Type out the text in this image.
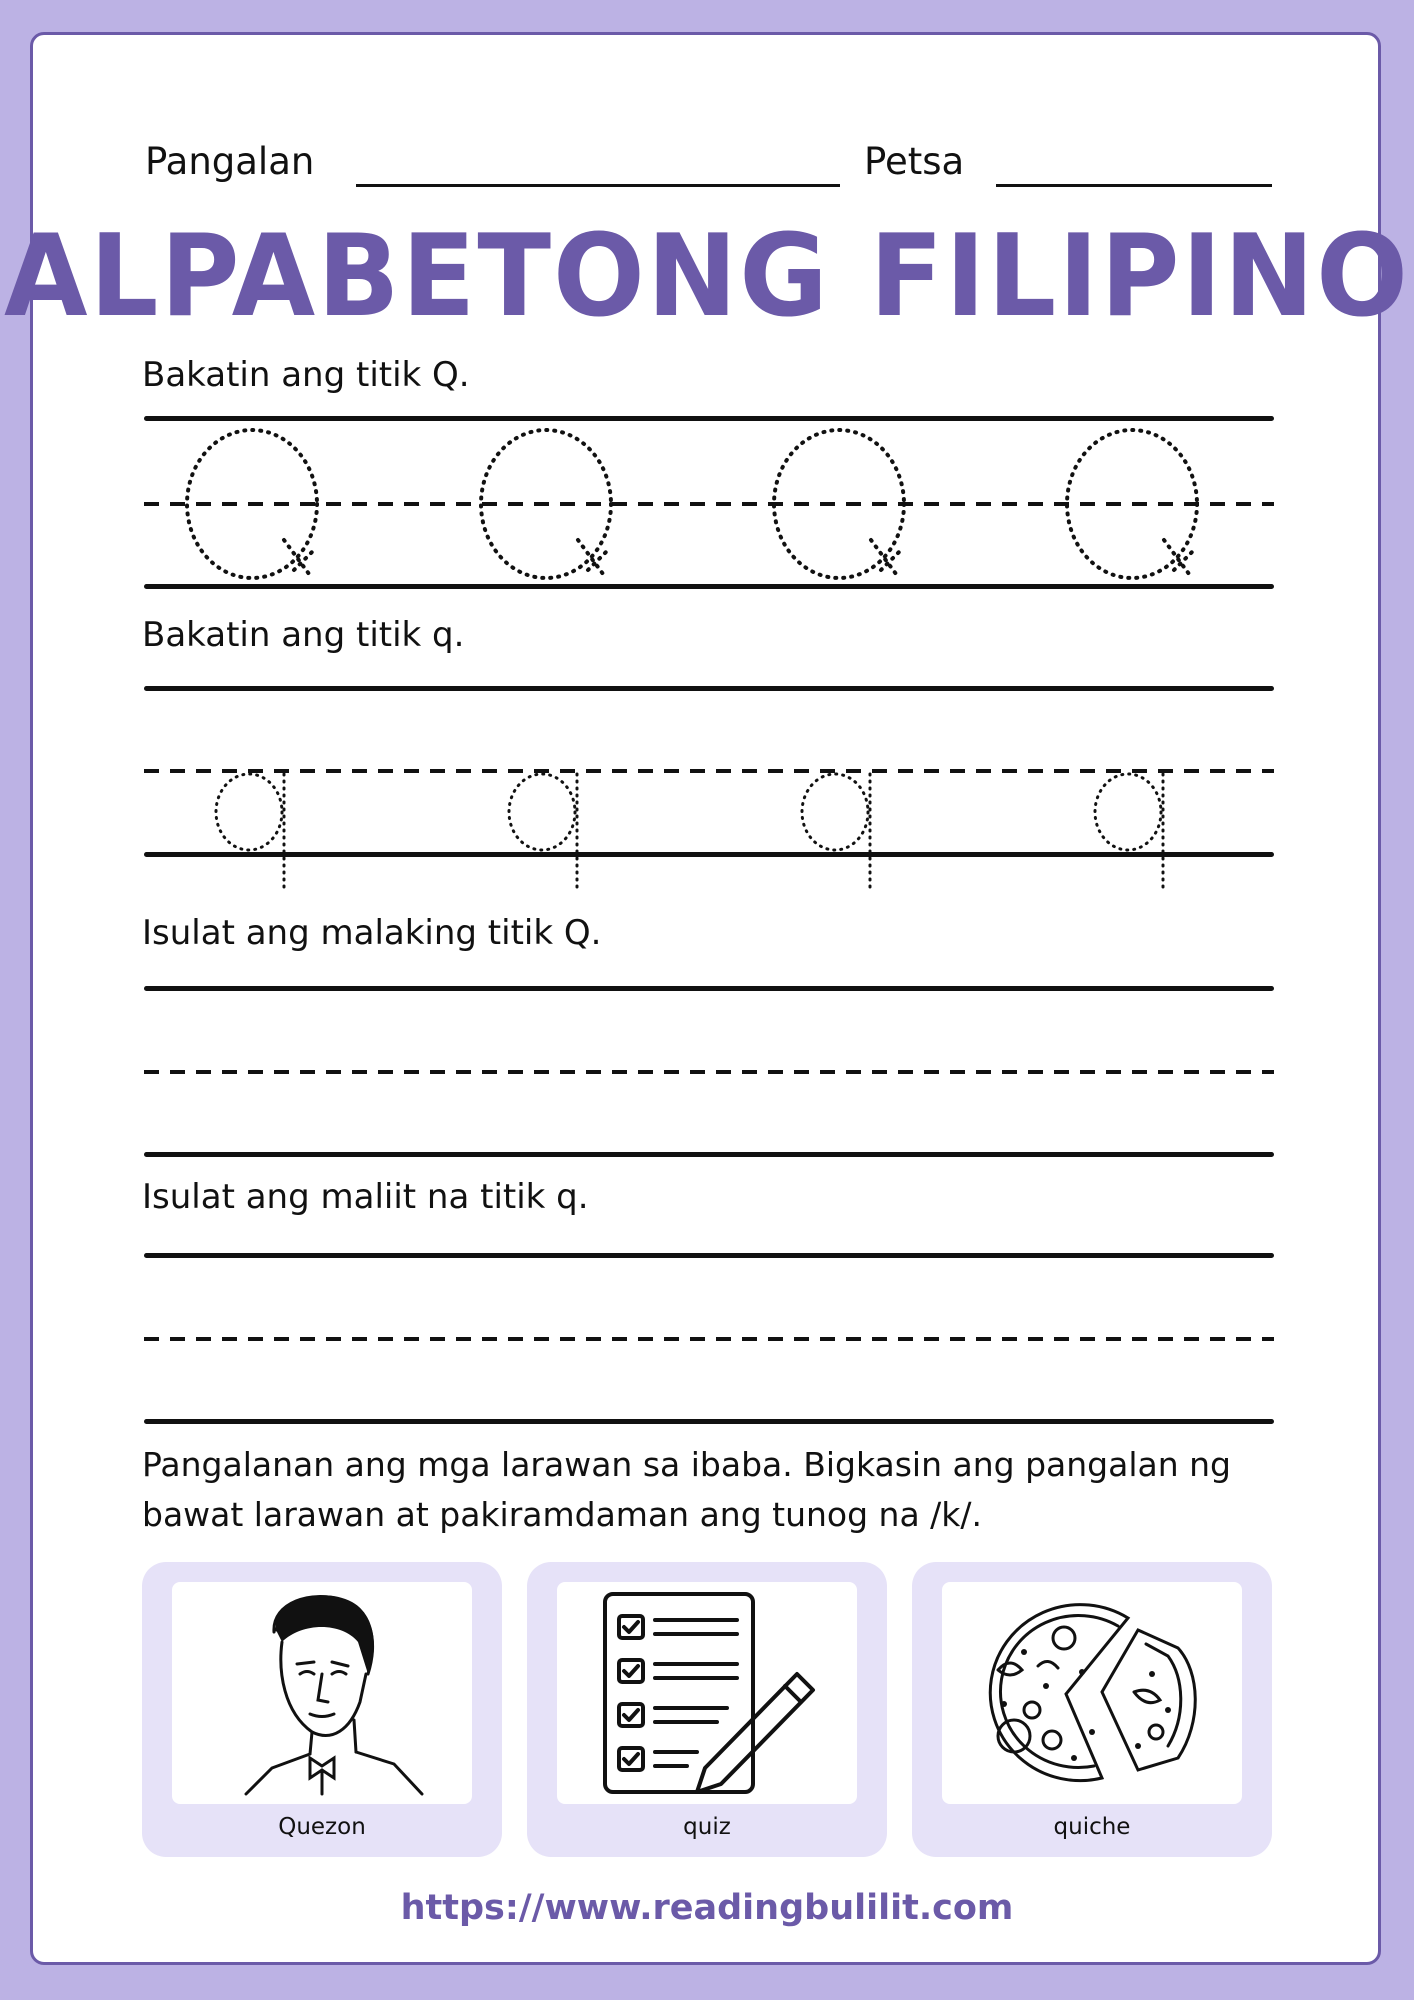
Pangalan	Petsa
ALPABETONG FILIPINO
Bakatin ang titik Q.
Bakatin ang titik q.
Isulat ang malaking titik Q.
Isulat ang maliit na titik q.
Pangalanan ang mga larawan sa ibaba. Bigkasin ang pangalan ng bawat larawan at pakiramdaman ang tunog na /k/.
Quezon	quiz	quiche
https://www.readingbulilit.com
